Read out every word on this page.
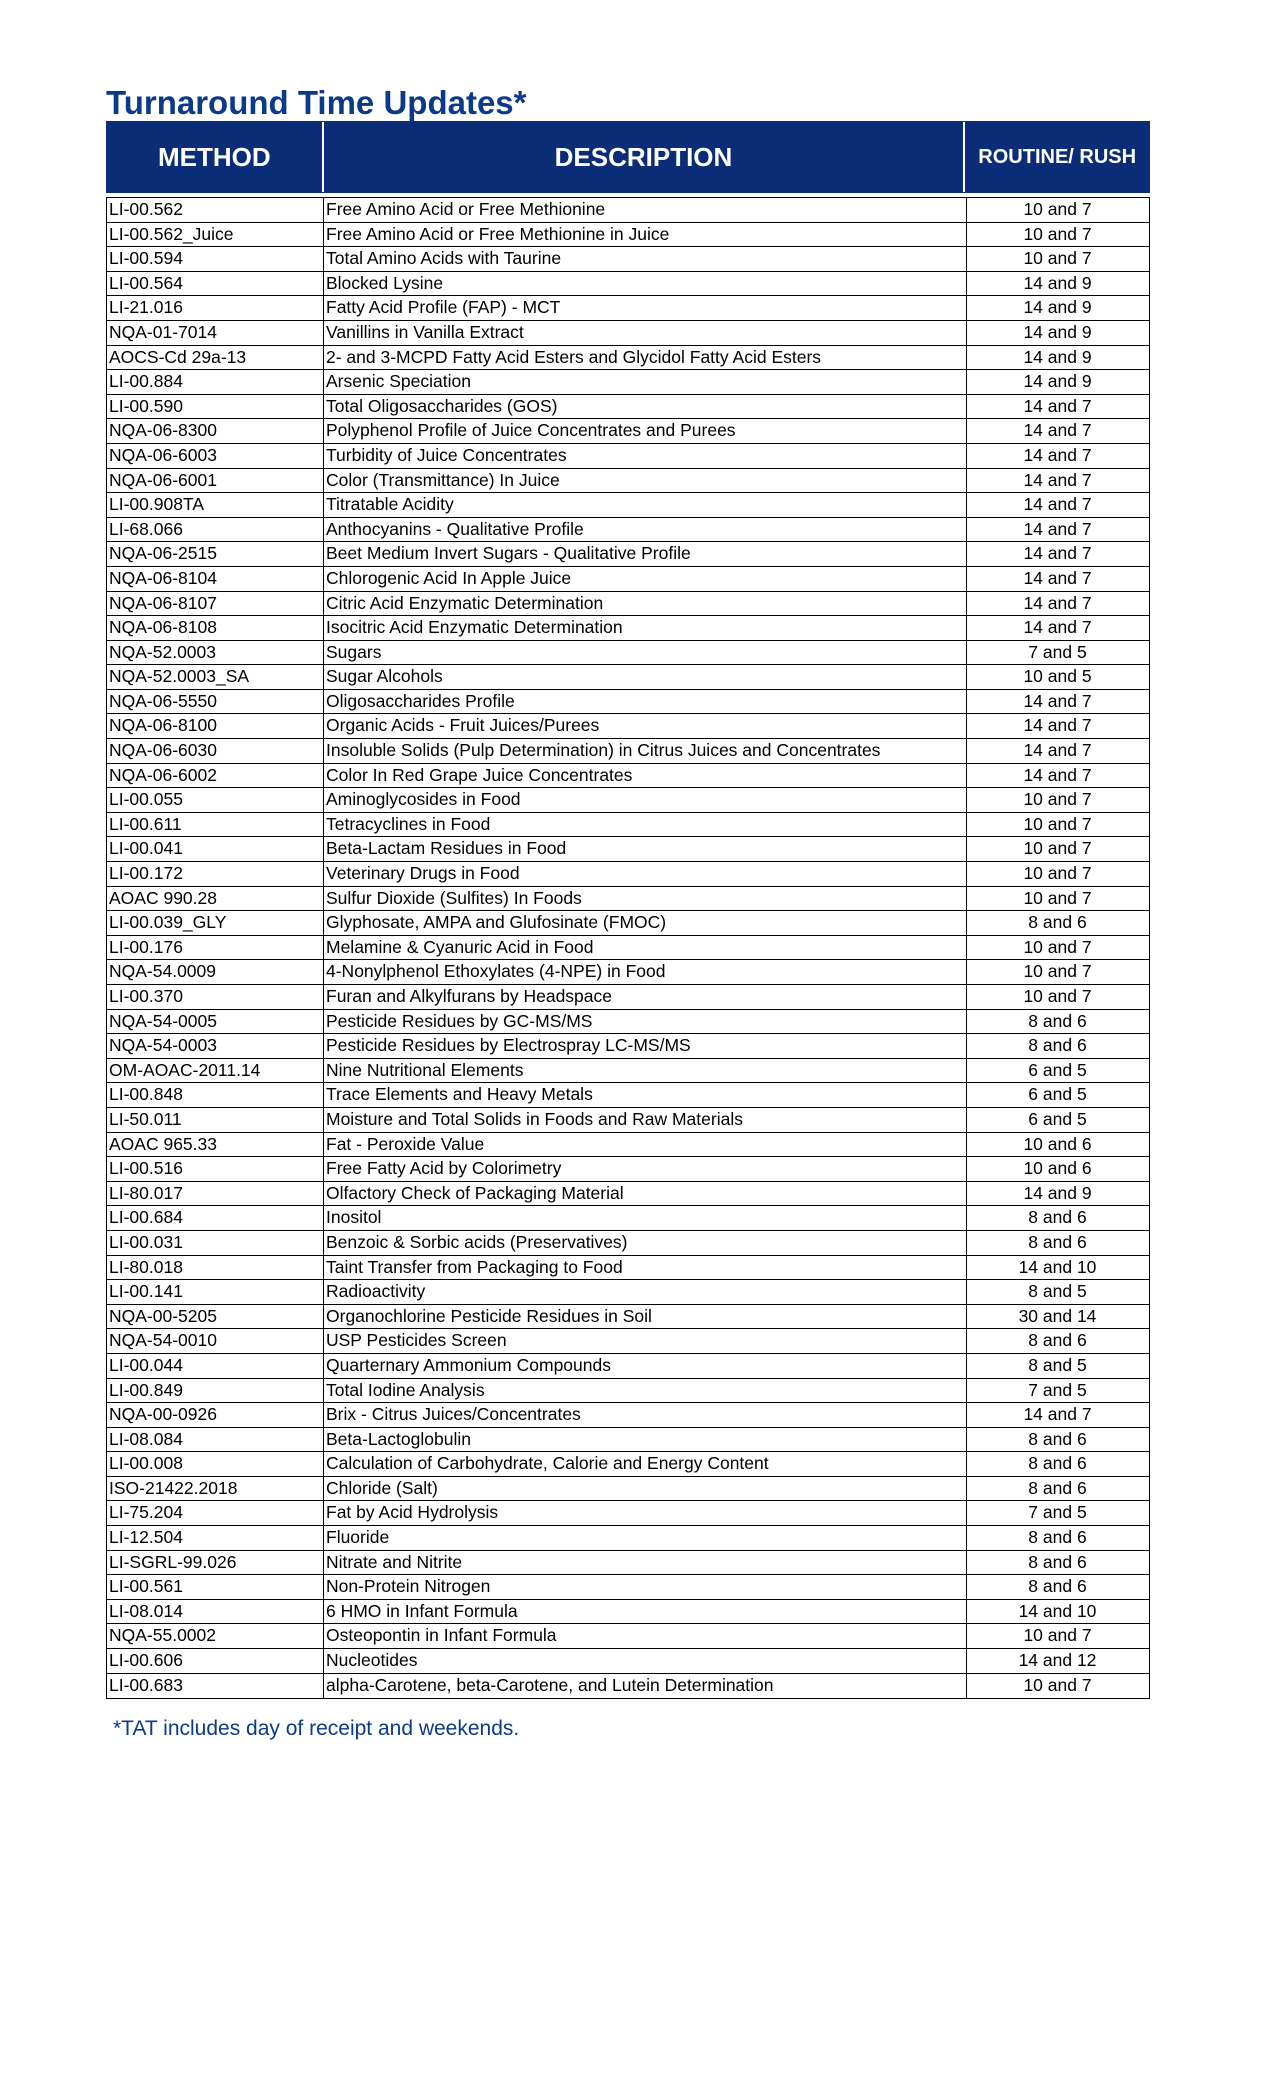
Turnaround Time Updates*
METHOD	DESCRIPTION	ROUTINE/ RUSH
LI-00.562	Free Amino Acid or Free Methionine	10 and 7
LI-00.562_Juice	Free Amino Acid or Free Methionine in Juice	10 and 7
LI-00.594	Total Amino Acids with Taurine	10 and 7
LI-00.564	Blocked Lysine	14 and 9
LI-21.016	Fatty Acid Profile (FAP) - MCT	14 and 9
NQA-01-7014	Vanillins in Vanilla Extract	14 and 9
AOCS-Cd 29a-13	2- and 3-MCPD Fatty Acid Esters and Glycidol Fatty Acid Esters	14 and 9
LI-00.884	Arsenic Speciation	14 and 9
LI-00.590	Total Oligosaccharides (GOS)	14 and 7
NQA-06-8300	Polyphenol Profile of Juice Concentrates and Purees	14 and 7
NQA-06-6003	Turbidity of Juice Concentrates	14 and 7
NQA-06-6001	Color (Transmittance) In Juice	14 and 7
LI-00.908TA	Titratable Acidity	14 and 7
LI-68.066	Anthocyanins - Qualitative Profile	14 and 7
NQA-06-2515	Beet Medium Invert Sugars - Qualitative Profile	14 and 7
NQA-06-8104	Chlorogenic Acid In Apple Juice	14 and 7
NQA-06-8107	Citric Acid Enzymatic Determination	14 and 7
NQA-06-8108	Isocitric Acid Enzymatic Determination	14 and 7
NQA-52.0003	Sugars	7 and 5
NQA-52.0003_SA	Sugar Alcohols	10 and 5
NQA-06-5550	Oligosaccharides Profile	14 and 7
NQA-06-8100	Organic Acids - Fruit Juices/Purees	14 and 7
NQA-06-6030	Insoluble Solids (Pulp Determination) in Citrus Juices and Concentrates	14 and 7
NQA-06-6002	Color In Red Grape Juice Concentrates	14 and 7
LI-00.055	Aminoglycosides in Food	10 and 7
LI-00.611	Tetracyclines in Food	10 and 7
LI-00.041	Beta-Lactam Residues in Food	10 and 7
LI-00.172	Veterinary Drugs in Food	10 and 7
AOAC 990.28	Sulfur Dioxide (Sulfites) In Foods	10 and 7
LI-00.039_GLY	Glyphosate, AMPA and Glufosinate (FMOC)	8 and 6
LI-00.176	Melamine & Cyanuric Acid in Food	10 and 7
NQA-54.0009	4-Nonylphenol Ethoxylates (4-NPE) in Food	10 and 7
LI-00.370	Furan and Alkylfurans by Headspace	10 and 7
NQA-54-0005	Pesticide Residues by GC-MS/MS	8 and 6
NQA-54-0003	Pesticide Residues by Electrospray LC-MS/MS	8 and 6
OM-AOAC-2011.14	Nine Nutritional Elements	6 and 5
LI-00.848	Trace Elements and Heavy Metals	6 and 5
LI-50.011	Moisture and Total Solids in Foods and Raw Materials	6 and 5
AOAC 965.33	Fat - Peroxide Value	10 and 6
LI-00.516	Free Fatty Acid by Colorimetry	10 and 6
LI-80.017	Olfactory Check of Packaging Material	14 and 9
LI-00.684	Inositol	8 and 6
LI-00.031	Benzoic & Sorbic acids (Preservatives)	8 and 6
LI-80.018	Taint Transfer from Packaging to Food	14 and 10
LI-00.141	Radioactivity	8 and 5
NQA-00-5205	Organochlorine Pesticide Residues in Soil	30 and 14
NQA-54-0010	USP Pesticides Screen	8 and 6
LI-00.044	Quarternary Ammonium Compounds	8 and 5
LI-00.849	Total Iodine Analysis	7 and 5
NQA-00-0926	Brix - Citrus Juices/Concentrates	14 and 7
LI-08.084	Beta-Lactoglobulin	8 and 6
LI-00.008	Calculation of Carbohydrate, Calorie and Energy Content	8 and 6
ISO-21422.2018	Chloride (Salt)	8 and 6
LI-75.204	Fat by Acid Hydrolysis	7 and 5
LI-12.504	Fluoride	8 and 6
LI-SGRL-99.026	Nitrate and Nitrite	8 and 6
LI-00.561	Non-Protein Nitrogen	8 and 6
LI-08.014	6 HMO in Infant Formula	14 and 10
NQA-55.0002	Osteopontin in Infant Formula	10 and 7
LI-00.606	Nucleotides	14 and 12
LI-00.683	alpha-Carotene, beta-Carotene, and Lutein Determination	10 and 7
*TAT includes day of receipt and weekends.
